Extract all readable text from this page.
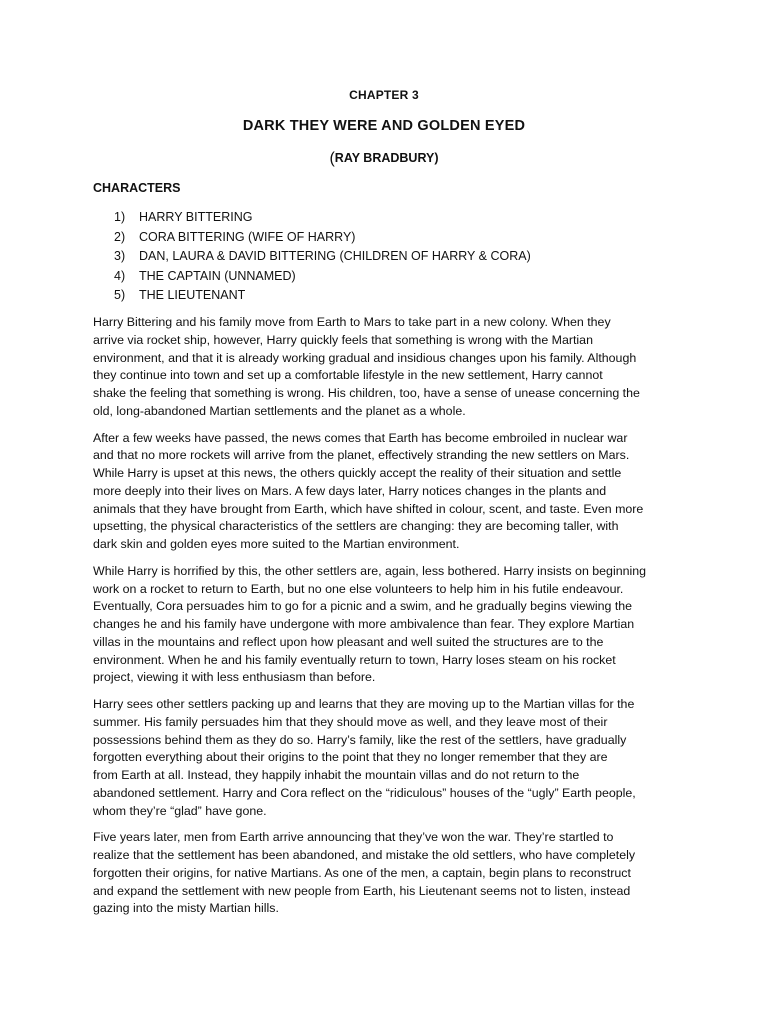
CHAPTER 3
DARK THEY WERE AND GOLDEN EYED
(RAY BRADBURY)
CHARACTERS
1) HARRY BITTERING
2) CORA BITTERING (WIFE OF HARRY)
3) DAN, LAURA & DAVID BITTERING (CHILDREN OF HARRY & CORA)
4) THE CAPTAIN (UNNAMED)
5) THE LIEUTENANT

Harry Bittering and his family move from Earth to Mars to take part in a new colony. When they
arrive via rocket ship, however, Harry quickly feels that something is wrong with the Martian
environment, and that it is already working gradual and insidious changes upon his family. Although
they continue into town and set up a comfortable lifestyle in the new settlement, Harry cannot
shake the feeling that something is wrong. His children, too, have a sense of unease concerning the
old, long-abandoned Martian settlements and the planet as a whole.

After a few weeks have passed, the news comes that Earth has become embroiled in nuclear war
and that no more rockets will arrive from the planet, effectively stranding the new settlers on Mars.
While Harry is upset at this news, the others quickly accept the reality of their situation and settle
more deeply into their lives on Mars. A few days later, Harry notices changes in the plants and
animals that they have brought from Earth, which have shifted in colour, scent, and taste. Even more
upsetting, the physical characteristics of the settlers are changing: they are becoming taller, with
dark skin and golden eyes more suited to the Martian environment.

While Harry is horrified by this, the other settlers are, again, less bothered. Harry insists on beginning
work on a rocket to return to Earth, but no one else volunteers to help him in his futile endeavour.
Eventually, Cora persuades him to go for a picnic and a swim, and he gradually begins viewing the
changes he and his family have undergone with more ambivalence than fear. They explore Martian
villas in the mountains and reflect upon how pleasant and well suited the structures are to the
environment. When he and his family eventually return to town, Harry loses steam on his rocket
project, viewing it with less enthusiasm than before.

Harry sees other settlers packing up and learns that they are moving up to the Martian villas for the
summer. His family persuades him that they should move as well, and they leave most of their
possessions behind them as they do so. Harry’s family, like the rest of the settlers, have gradually
forgotten everything about their origins to the point that they no longer remember that they are
from Earth at all. Instead, they happily inhabit the mountain villas and do not return to the
abandoned settlement. Harry and Cora reflect on the “ridiculous” houses of the “ugly” Earth people,
whom they’re “glad” have gone.

Five years later, men from Earth arrive announcing that they’ve won the war. They’re startled to
realize that the settlement has been abandoned, and mistake the old settlers, who have completely
forgotten their origins, for native Martians. As one of the men, a captain, begin plans to reconstruct
and expand the settlement with new people from Earth, his Lieutenant seems not to listen, instead
gazing into the misty Martian hills.
